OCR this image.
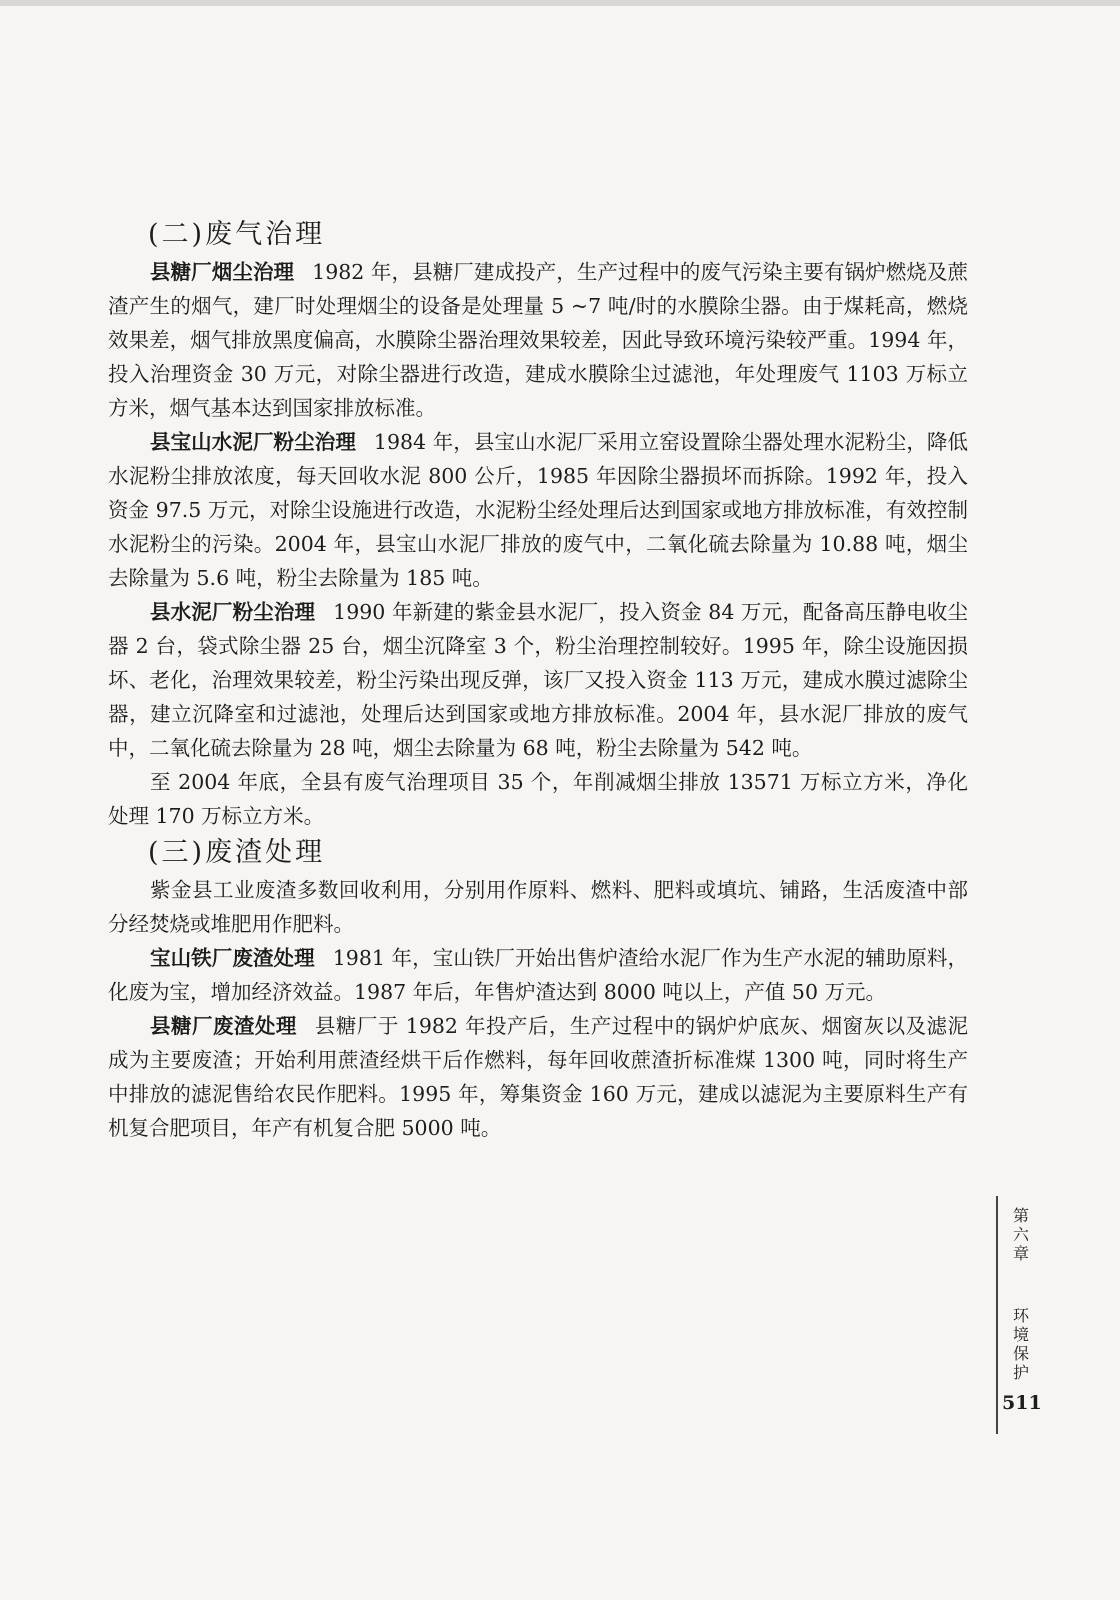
(二)废气治理

县糖厂烟尘治理 1982 年，县糖厂建成投产，生产过程中的废气污染主要有锅炉燃烧及蔗渣产生的烟气，建厂时处理烟尘的设备是处理量 5 ~7 吨/时的水膜除尘器。由于煤耗高，燃烧效果差，烟气排放黑度偏高，水膜除尘器治理效果较差，因此导致环境污染较严重。1994 年，投入治理资金 30 万元，对除尘器进行改造，建成水膜除尘过滤池，年处理废气 1103 万标立方米，烟气基本达到国家排放标准。

县宝山水泥厂粉尘治理 1984 年，县宝山水泥厂采用立窑设置除尘器处理水泥粉尘，降低水泥粉尘排放浓度，每天回收水泥 800 公斤，1985 年因除尘器损坏而拆除。1992 年，投入资金 97.5 万元，对除尘设施进行改造，水泥粉尘经处理后达到国家或地方排放标准，有效控制水泥粉尘的污染。2004 年，县宝山水泥厂排放的废气中，二氧化硫去除量为 10.88 吨，烟尘去除量为 5.6 吨，粉尘去除量为 185 吨。

县水泥厂粉尘治理 1990 年新建的紫金县水泥厂，投入资金 84 万元，配备高压静电收尘器 2 台，袋式除尘器 25 台，烟尘沉降室 3 个，粉尘治理控制较好。1995 年，除尘设施因损坏、老化，治理效果较差，粉尘污染出现反弹，该厂又投入资金 113 万元，建成水膜过滤除尘器，建立沉降室和过滤池，处理后达到国家或地方排放标准。2004 年，县水泥厂排放的废气中，二氧化硫去除量为 28 吨，烟尘去除量为 68 吨，粉尘去除量为 542 吨。

至 2004 年底，全县有废气治理项目 35 个，年削减烟尘排放 13571 万标立方米，净化处理 170 万标立方米。

(三)废渣处理

紫金县工业废渣多数回收利用，分别用作原料、燃料、肥料或填坑、铺路，生活废渣中部分经焚烧或堆肥用作肥料。

宝山铁厂废渣处理 1981 年，宝山铁厂开始出售炉渣给水泥厂作为生产水泥的辅助原料，化废为宝，增加经济效益。1987 年后，年售炉渣达到 8000 吨以上，产值 50 万元。

县糖厂废渣处理 县糖厂于 1982 年投产后，生产过程中的锅炉炉底灰、烟窗灰以及滤泥成为主要废渣；开始利用蔗渣经烘干后作燃料，每年回收蔗渣折标准煤 1300 吨，同时将生产中排放的滤泥售给农民作肥料。1995 年，筹集资金 160 万元，建成以滤泥为主要原料生产有机复合肥项目，年产有机复合肥 5000 吨。

第六章
环境保护
511
